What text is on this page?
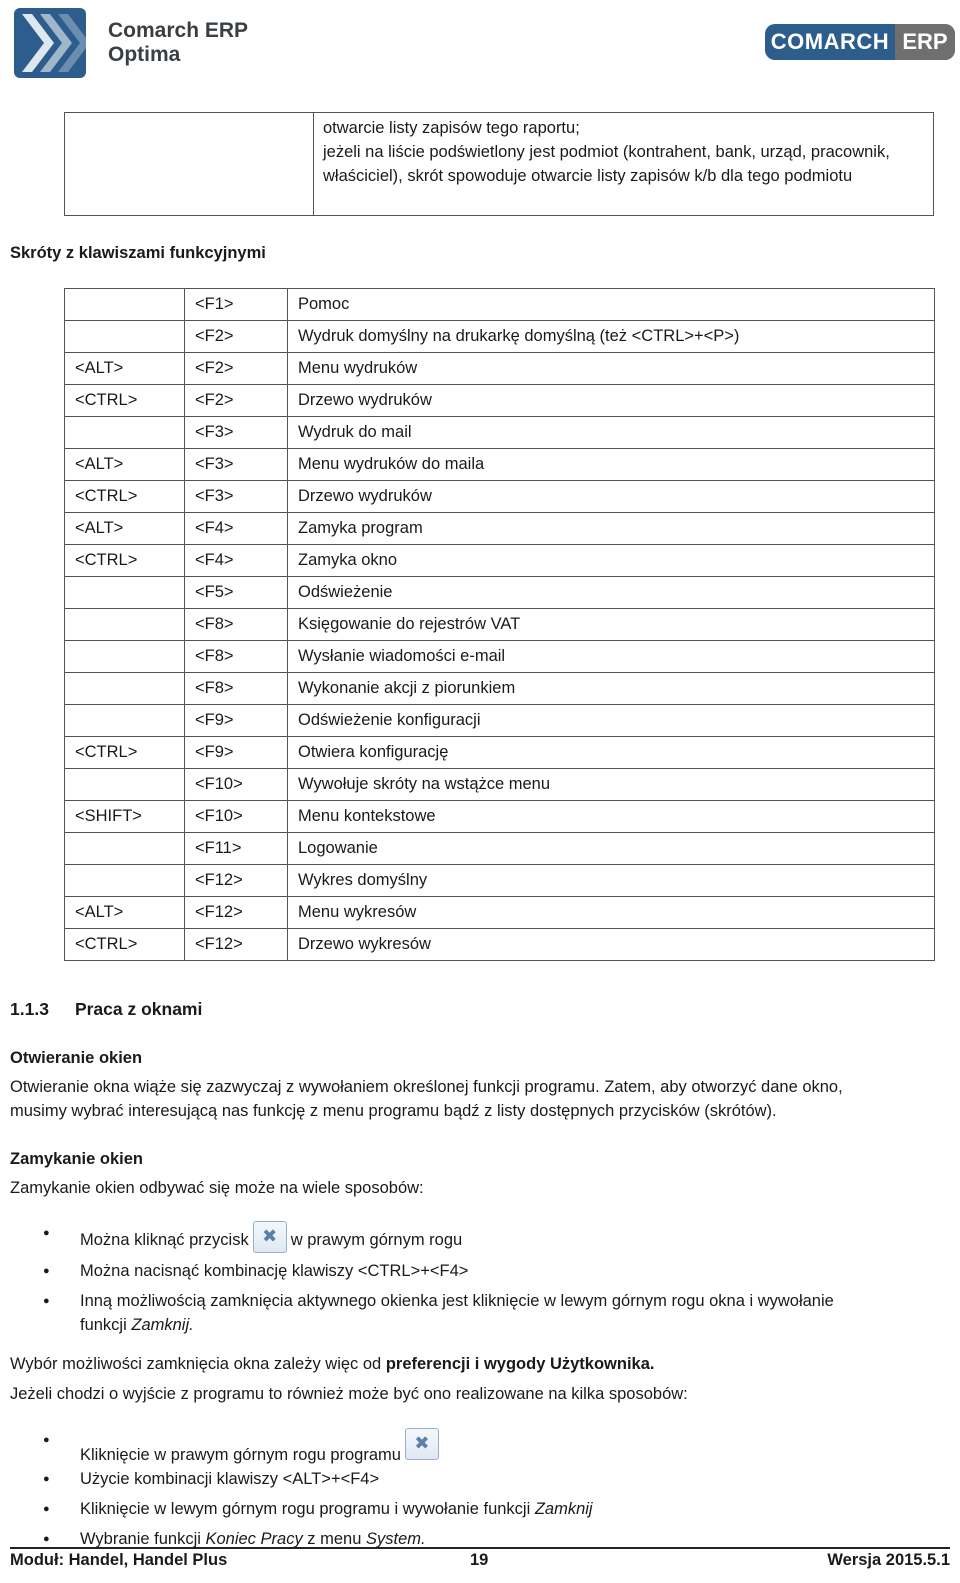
Comarch ERP
Optima
COMARCH ERP
otwarcie listy zapisów tego raportu;
jeżeli na liście podświetlony jest podmiot (kontrahent, bank, urząd, pracownik, właściciel), skrót spowoduje otwarcie listy zapisów k/b dla tego podmiotu
Skróty z klawiszami funkcyjnymi
	<F1>	Pomoc
	<F2>	Wydruk domyślny na drukarkę domyślną (też <CTRL>+<P>)
<ALT>	<F2>	Menu wydruków
<CTRL>	<F2>	Drzewo wydruków
	<F3>	Wydruk do mail
<ALT>	<F3>	Menu wydruków do maila
<CTRL>	<F3>	Drzewo wydruków
<ALT>	<F4>	Zamyka program
<CTRL>	<F4>	Zamyka okno
	<F5>	Odświeżenie
	<F8>	Księgowanie do rejestrów VAT
	<F8>	Wysłanie wiadomości e-mail
	<F8>	Wykonanie akcji z piorunkiem
	<F9>	Odświeżenie konfiguracji
<CTRL>	<F9>	Otwiera konfigurację
	<F10>	Wywołuje skróty na wstążce menu
<SHIFT>	<F10>	Menu kontekstowe
	<F11>	Logowanie
	<F12>	Wykres domyślny
<ALT>	<F12>	Menu wykresów
<CTRL>	<F12>	Drzewo wykresów
1.1.3 Praca z oknami
Otwieranie okien
Otwieranie okna wiąże się zazwyczaj z wywołaniem określonej funkcji programu. Zatem, aby otworzyć dane okno,
musimy wybrać interesującą nas funkcję z menu programu bądź z listy dostępnych przycisków (skrótów).
Zamykanie okien
Zamykanie okien odbywać się może na wiele sposobów:
● Można kliknąć przycisk ✖ w prawym górnym rogu
● Można nacisnąć kombinację klawiszy <CTRL>+<F4>
● Inną możliwością zamknięcia aktywnego okienka jest kliknięcie w lewym górnym rogu okna i wywołanie
funkcji Zamknij.
Wybór możliwości zamknięcia okna zależy więc od preferencji i wygody Użytkownika.
Jeżeli chodzi o wyjście z programu to również może być ono realizowane na kilka sposobów:
● Kliknięcie w prawym górnym rogu programu
✖
● Użycie kombinacji klawiszy <ALT>+<F4>
● Kliknięcie w lewym górnym rogu programu i wywołanie funkcji Zamknij
● Wybranie funkcji Koniec Pracy z menu System.
Moduł: Handel, Handel Plus	19	Wersja 2015.5.1
